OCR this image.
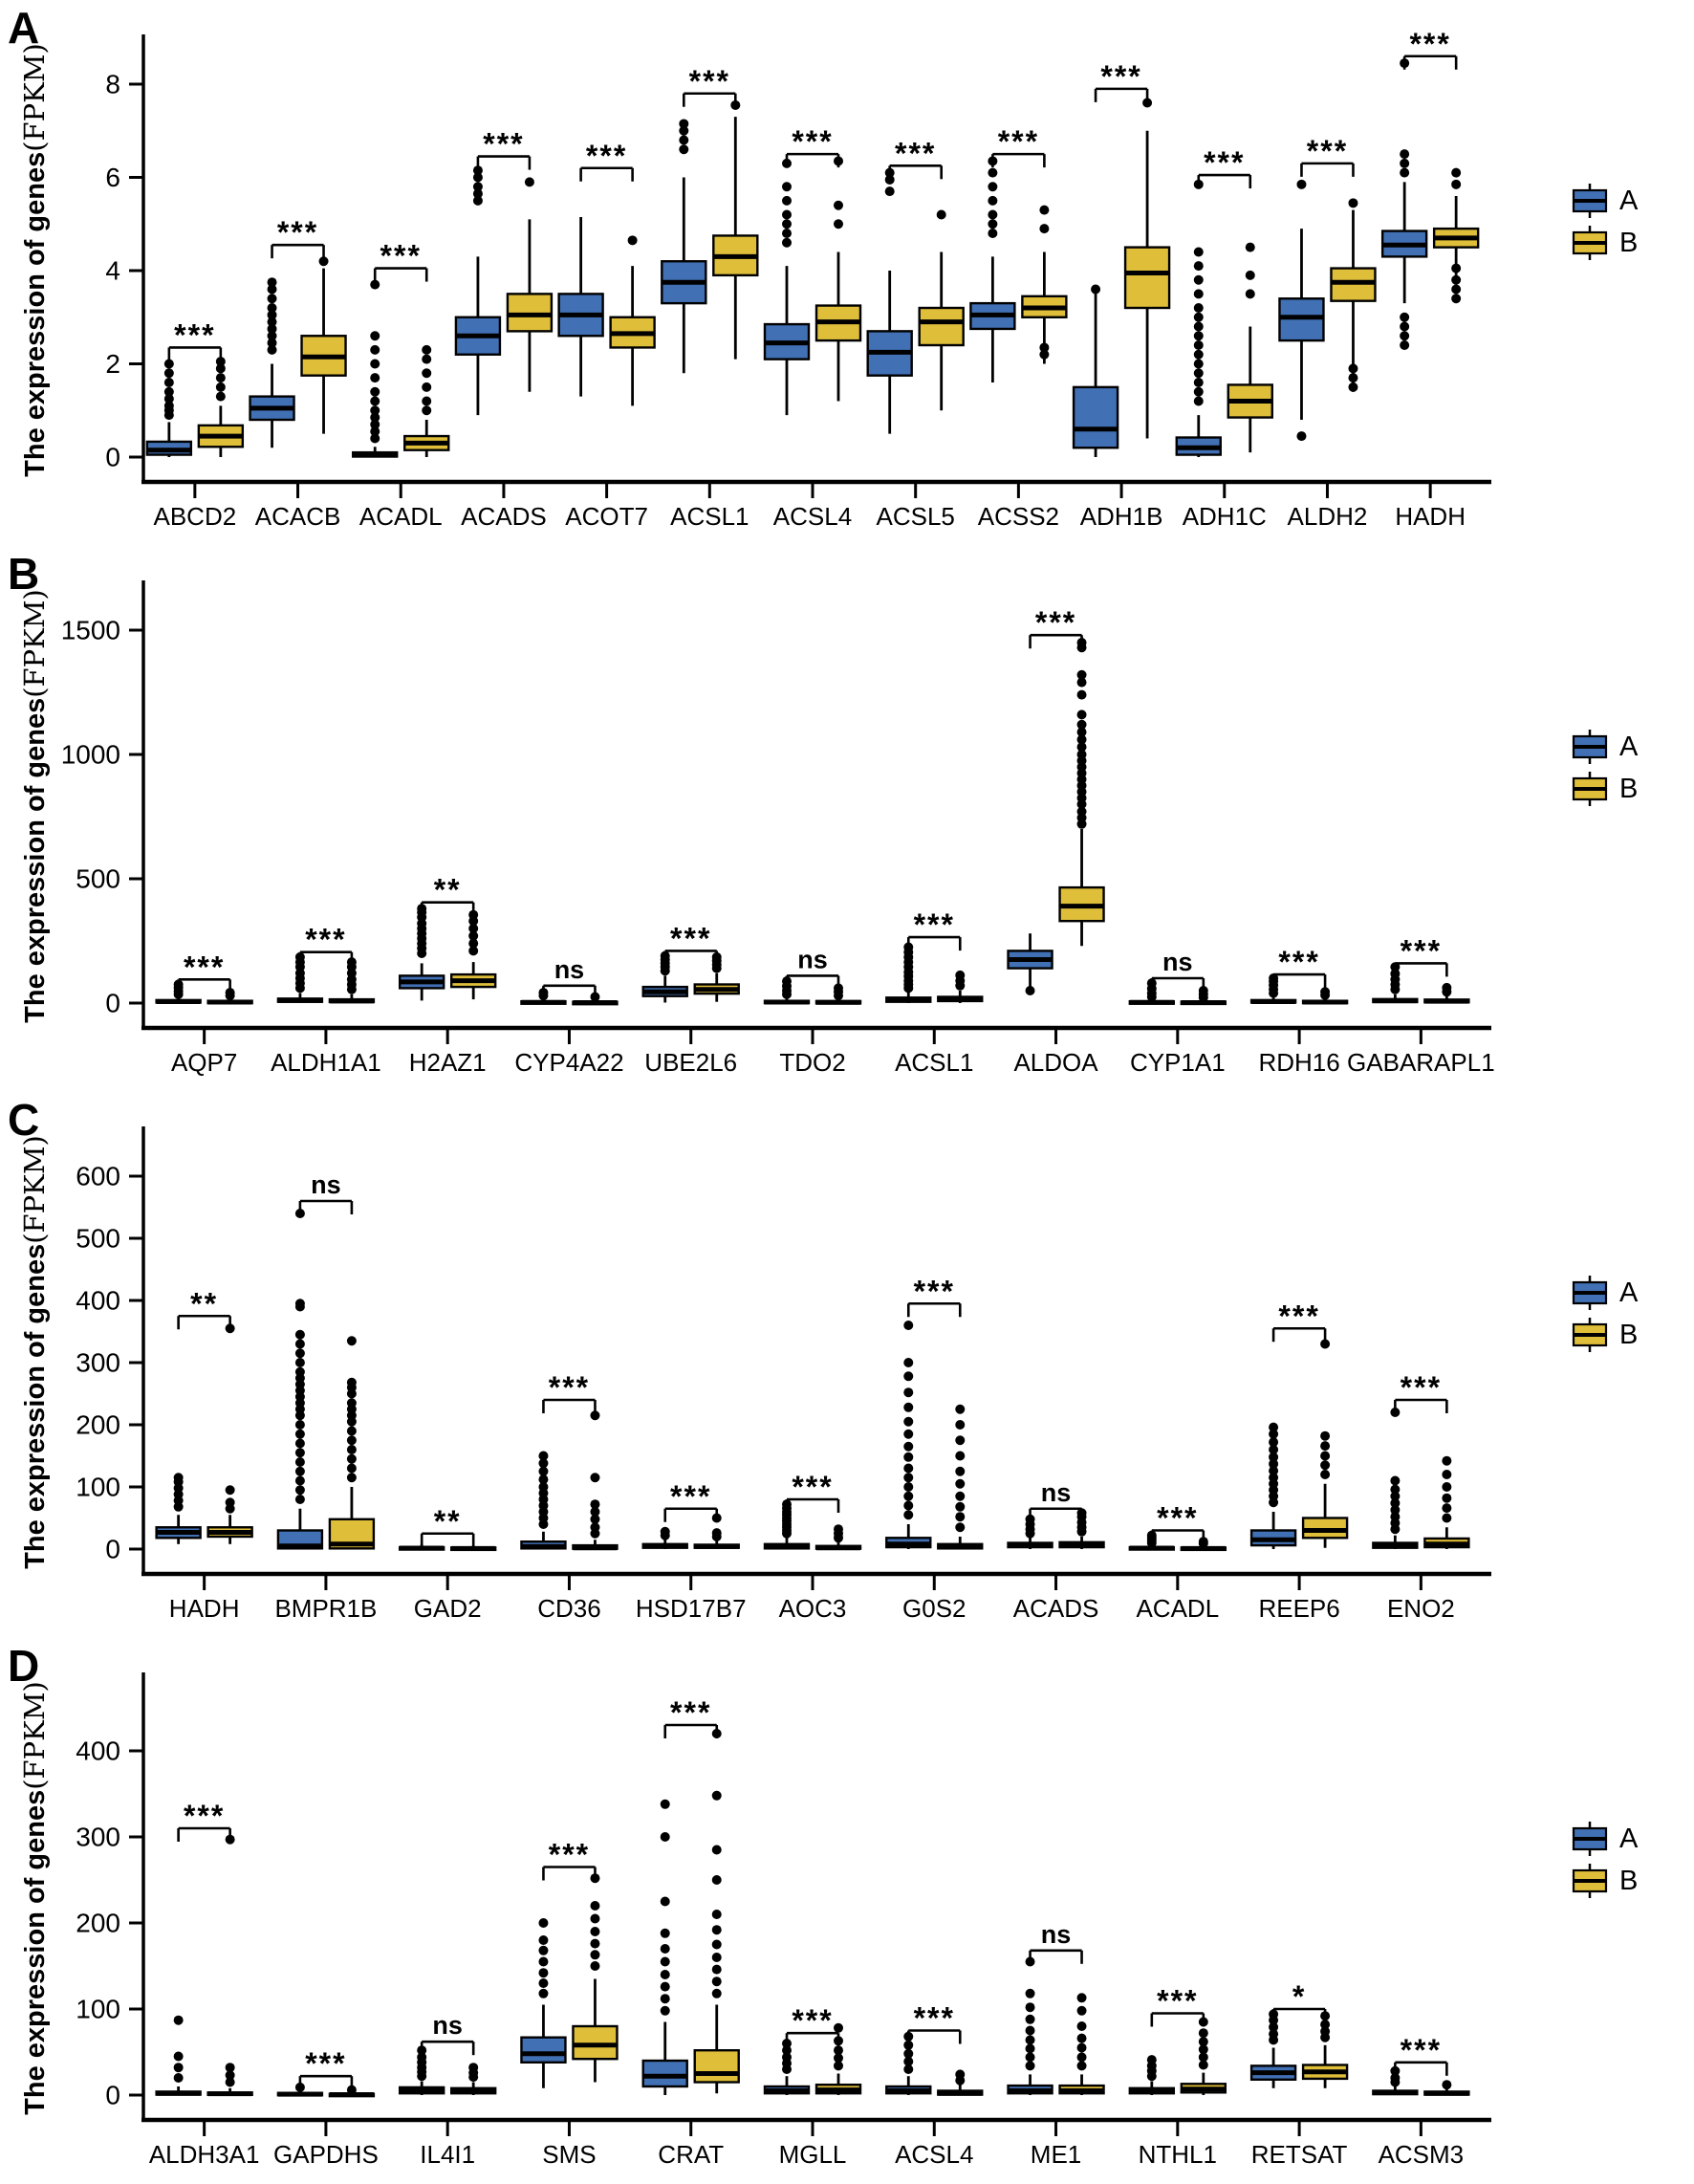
A
0
2
4
6
8
The expression of genes(FPKM)
ABCD2
***
ACACB
***
ACADL
***
ACADS
***
ACOT7
***
ACSL1
***
ACSL4
***
ACSL5
***
ACSS2
***
ADH1B
***
ADH1C
***
ALDH2
***
HADH
***
A
B
B
0
500
1000
1500
The expression of genes(FPKM)
AQP7
***
ALDH1A1
***
H2AZ1
**
CYP4A22
ns
UBE2L6
***
TDO2
ns
ACSL1
***
ALDOA
***
CYP1A1
ns
RDH16
***
GABARAPL1
***
A
B
C
0
100
200
300
400
500
600
The expression of genes(FPKM)
HADH
**
BMPR1B
ns
GAD2
**
CD36
***
HSD17B7
***
AOC3
***
G0S2
***
ACADS
ns
ACADL
***
REEP6
***
ENO2
***
A
B
D
0
100
200
300
400
The expression of genes(FPKM)
ALDH3A1
***
GAPDHS
***
IL4I1
ns
SMS
***
CRAT
***
MGLL
***
ACSL4
***
ME1
ns
NTHL1
***
RETSAT
*
ACSM3
***
A
B
